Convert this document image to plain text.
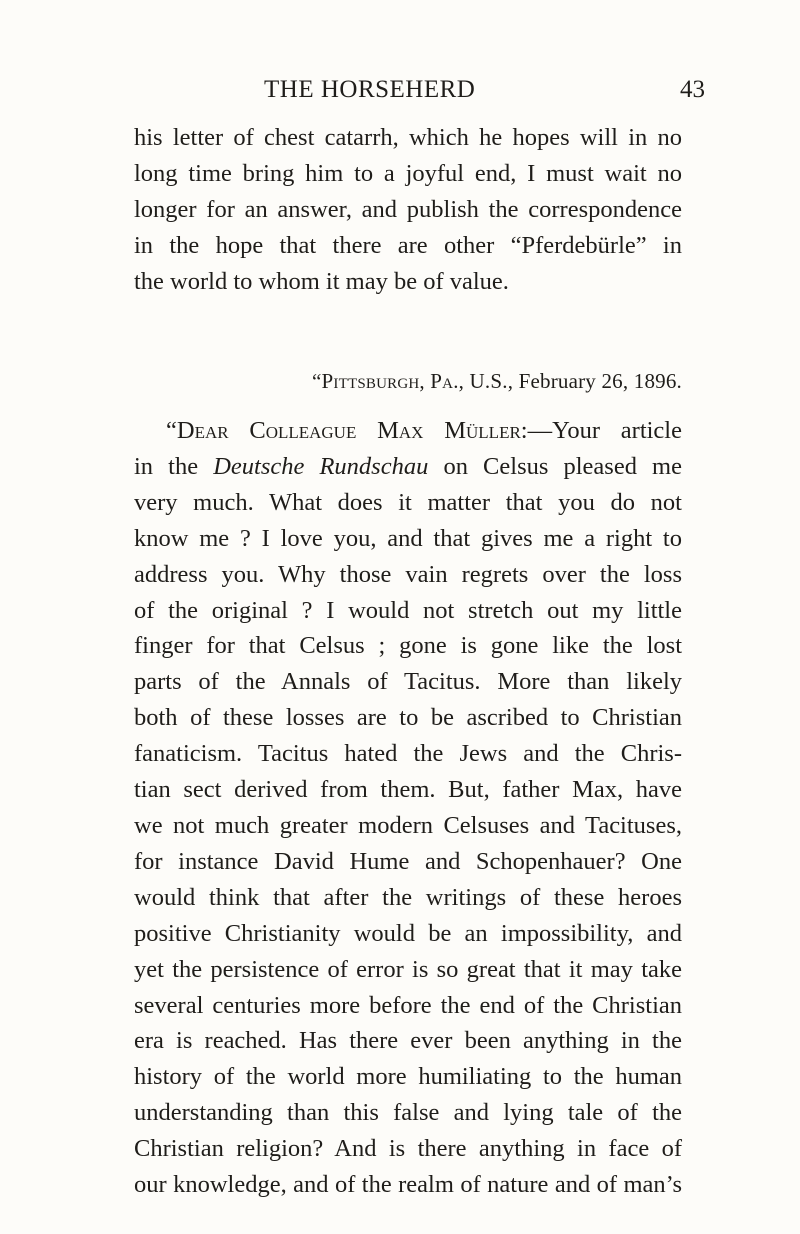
THE HORSEHERD	43
his letter of chest catarrh, which he hopes will in no
long time bring him to a joyful end, I must wait no
longer for an answer, and publish the correspondence
in the hope that there are other “Pferdebürle” in
the world to whom it may be of value.
“Pittsburgh, Pa., U.S., February 26, 1896.
“Dear Colleague Max Müller:—Your article
in the Deutsche Rundschau on Celsus pleased me
very much. What does it matter that you do not
know me ? I love you, and that gives me a right to
address you. Why those vain regrets over the loss
of the original ? I would not stretch out my little
finger for that Celsus ; gone is gone like the lost
parts of the Annals of Tacitus. More than likely
both of these losses are to be ascribed to Christian
fanaticism. Tacitus hated the Jews and the Chris-
tian sect derived from them. But, father Max, have
we not much greater modern Celsuses and Tacituses,
for instance David Hume and Schopenhauer? One
would think that after the writings of these heroes
positive Christianity would be an impossibility, and
yet the persistence of error is so great that it may take
several centuries more before the end of the Christian
era is reached. Has there ever been anything in the
history of the world more humiliating to the human
understanding than this false and lying tale of the
Christian religion? And is there anything in face of
our knowledge, and of the realm of nature and of man’s
